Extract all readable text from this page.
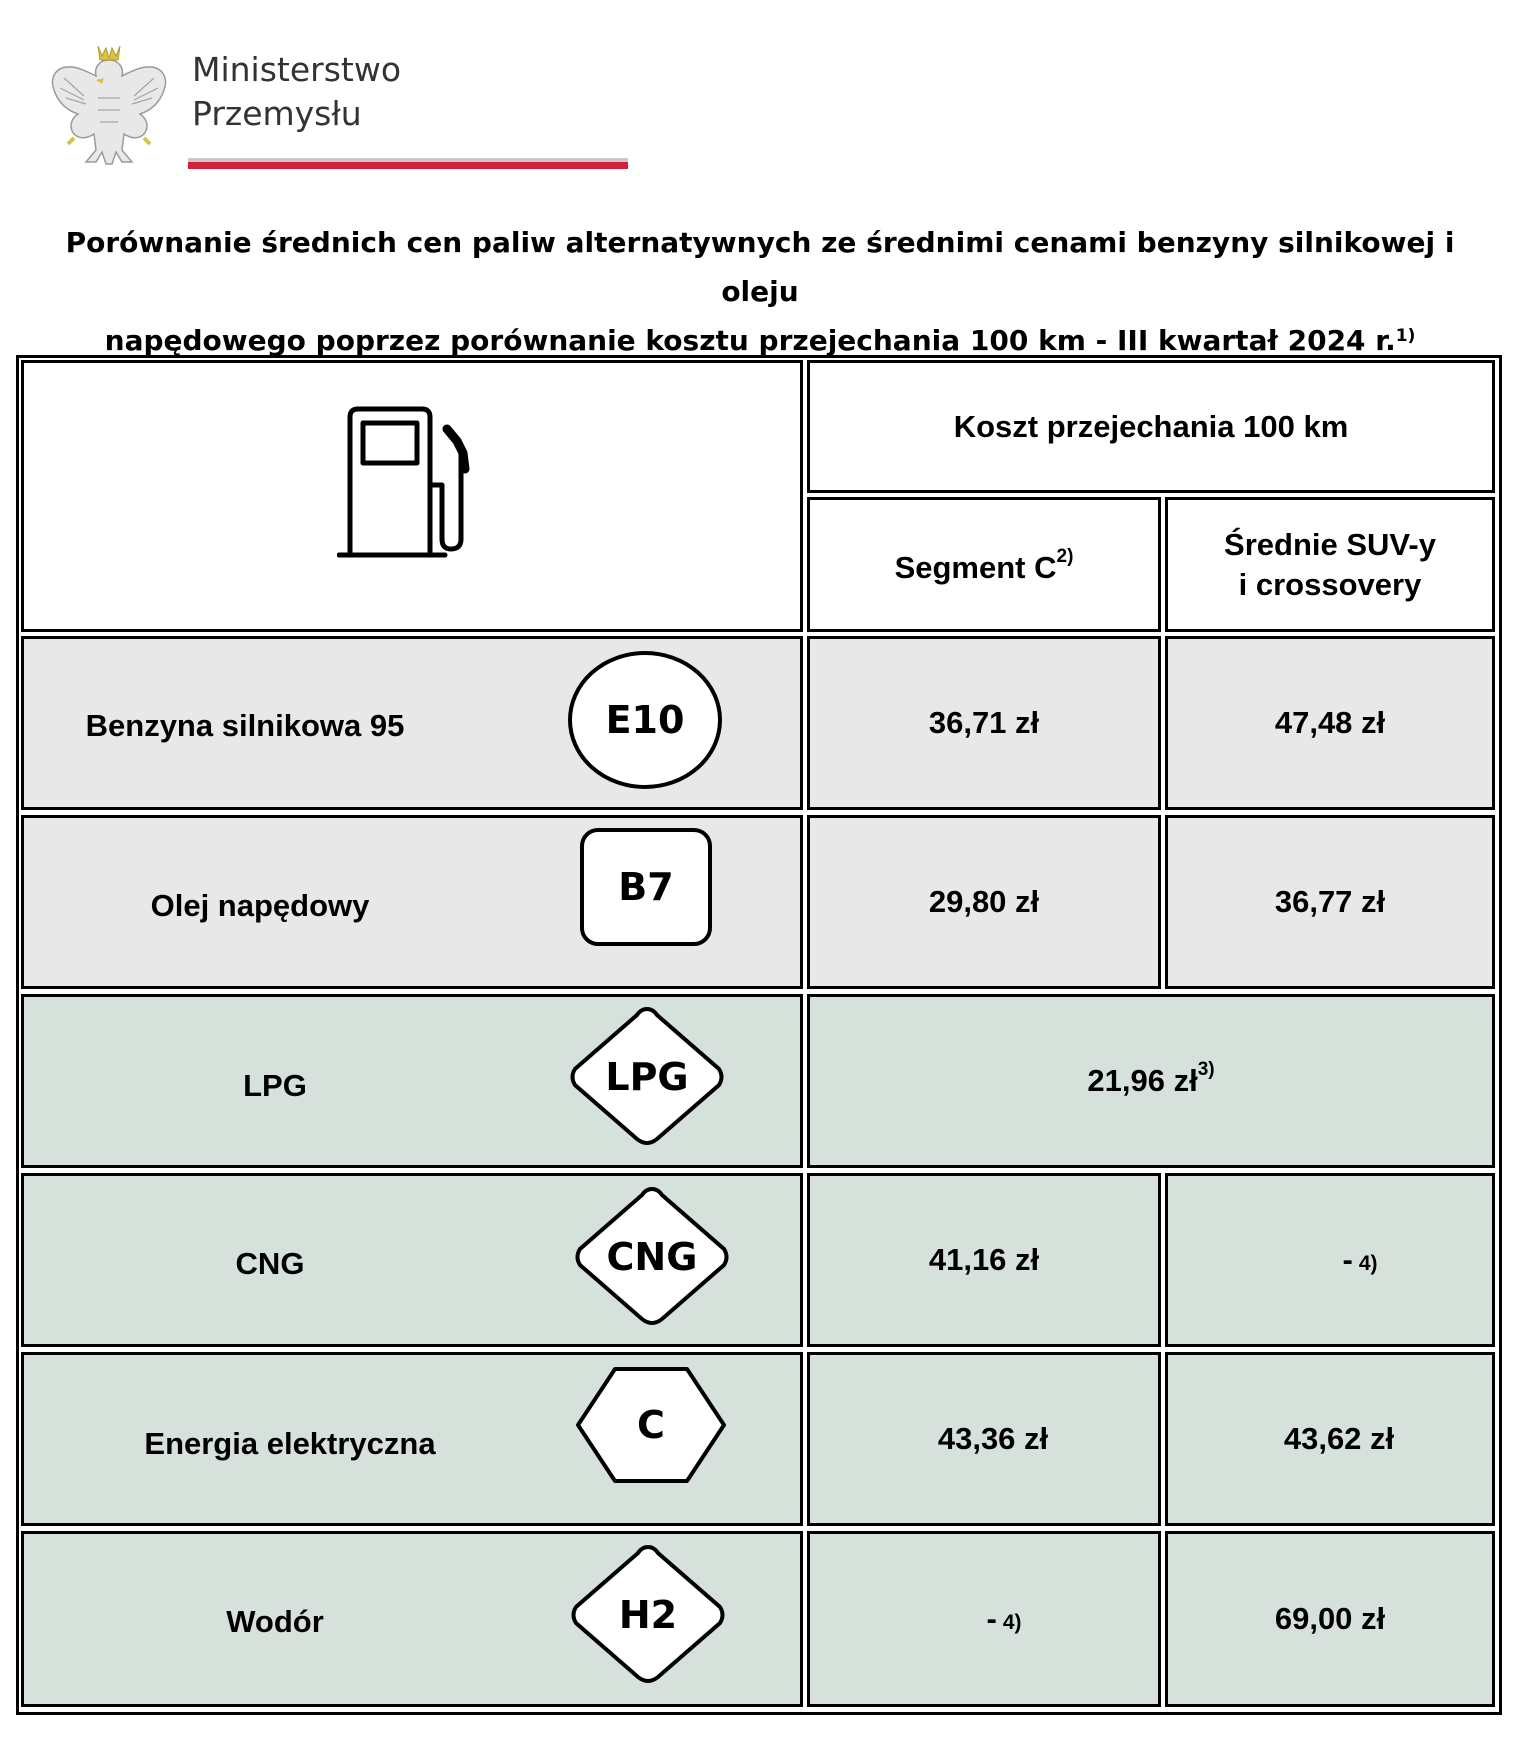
Ministerstwo
Przemysłu
Porównanie średnich cen paliw alternatywnych ze średnimi cenami benzyny silnikowej i oleju
napędowego poprzez porównanie kosztu przejechania 100 km - III kwartał 2024 r.$^{1)}$
Koszt przejechania 100 km
Segment $C^{2)}$	Średnie SUV-y
i crossovery
Benzyna silnikowa 95	E10	36,71 zł	47,48 zł
Olej napędowy	B7	29,80 zł	36,77 zł
LPG	LPG	21,96 $zł^{3)}$
CNG	CNG	41,16 zł	- 4)
Energia elektryczna	C	43,36 zł	43,62 zł
Wodór	H2	- 4)	69,00 zł
